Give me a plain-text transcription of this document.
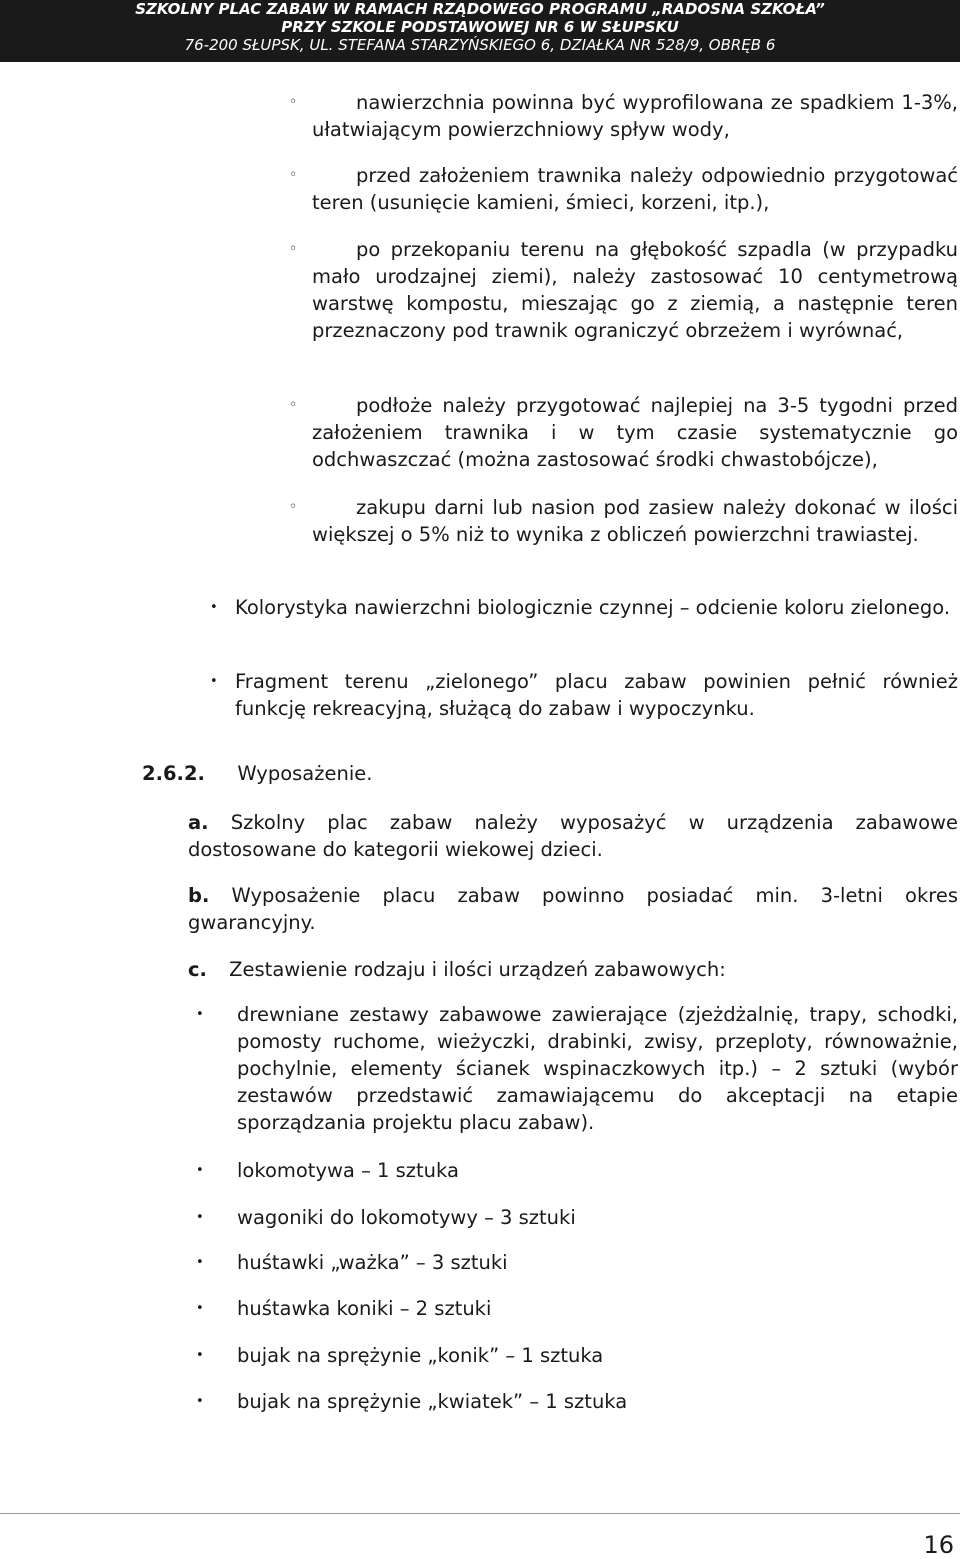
SZKOLNY PLAC ZABAW W RAMACH RZĄDOWEGO PROGRAMU „RADOSNA SZKOŁA”
PRZY SZKOLE PODSTAWOWEJ NR 6 W SŁUPSKU
76-200 SŁUPSK, UL. STEFANA STARZYŃSKIEGO 6, DZIAŁKA NR 528/9, OBRĘB 6
◦	nawierzchnia powinna być wyprofilowana ze spadkiem 1-3%, ułatwiającym powierzchniowy spływ wody,
◦	przed założeniem trawnika należy odpowiednio przygotować teren (usunięcie kamieni, śmieci, korzeni, itp.),
◦	po przekopaniu terenu na głębokość szpadla (w przypadku mało urodzajnej ziemi), należy zastosować 10 centymetrową warstwę kompostu, mieszając go z ziemią, a następnie teren przeznaczony pod trawnik ograniczyć obrzeżem i wyrównać,
◦	podłoże należy przygotować najlepiej na 3-5 tygodni przed założeniem trawnika i w tym czasie systematycznie go odchwaszczać (można zastosować środki chwastobójcze),
◦	zakupu darni lub nasion pod zasiew należy dokonać w ilości większej o 5% niż to wynika z obliczeń powierzchni trawiastej.
• Kolorystyka nawierzchni biologicznie czynnej – odcienie koloru zielonego.
• Fragment terenu „zielonego” placu zabaw powinien pełnić również funkcję rekreacyjną, służącą do zabaw i wypoczynku.
2.6.2. Wyposażenie.
a. Szkolny plac zabaw należy wyposażyć w urządzenia zabawowe dostosowane do kategorii wiekowej dzieci.
b. Wyposażenie placu zabaw powinno posiadać min. 3-letni okres gwarancyjny.
c. Zestawienie rodzaju i ilości urządzeń zabawowych:
• drewniane zestawy zabawowe zawierające (zjeżdżalnię, trapy, schodki, pomosty ruchome, wieżyczki, drabinki, zwisy, przeploty, równoważnie, pochylnie, elementy ścianek wspinaczkowych itp.) – 2 sztuki (wybór zestawów przedstawić zamawiającemu do akceptacji na etapie sporządzania projektu placu zabaw).
• lokomotywa – 1 sztuka
• wagoniki do lokomotywy – 3 sztuki
• huśtawki „ważka” – 3 sztuki
• huśtawka koniki – 2 sztuki
• bujak na sprężynie „konik” – 1 sztuka
• bujak na sprężynie „kwiatek” – 1 sztuka
16
